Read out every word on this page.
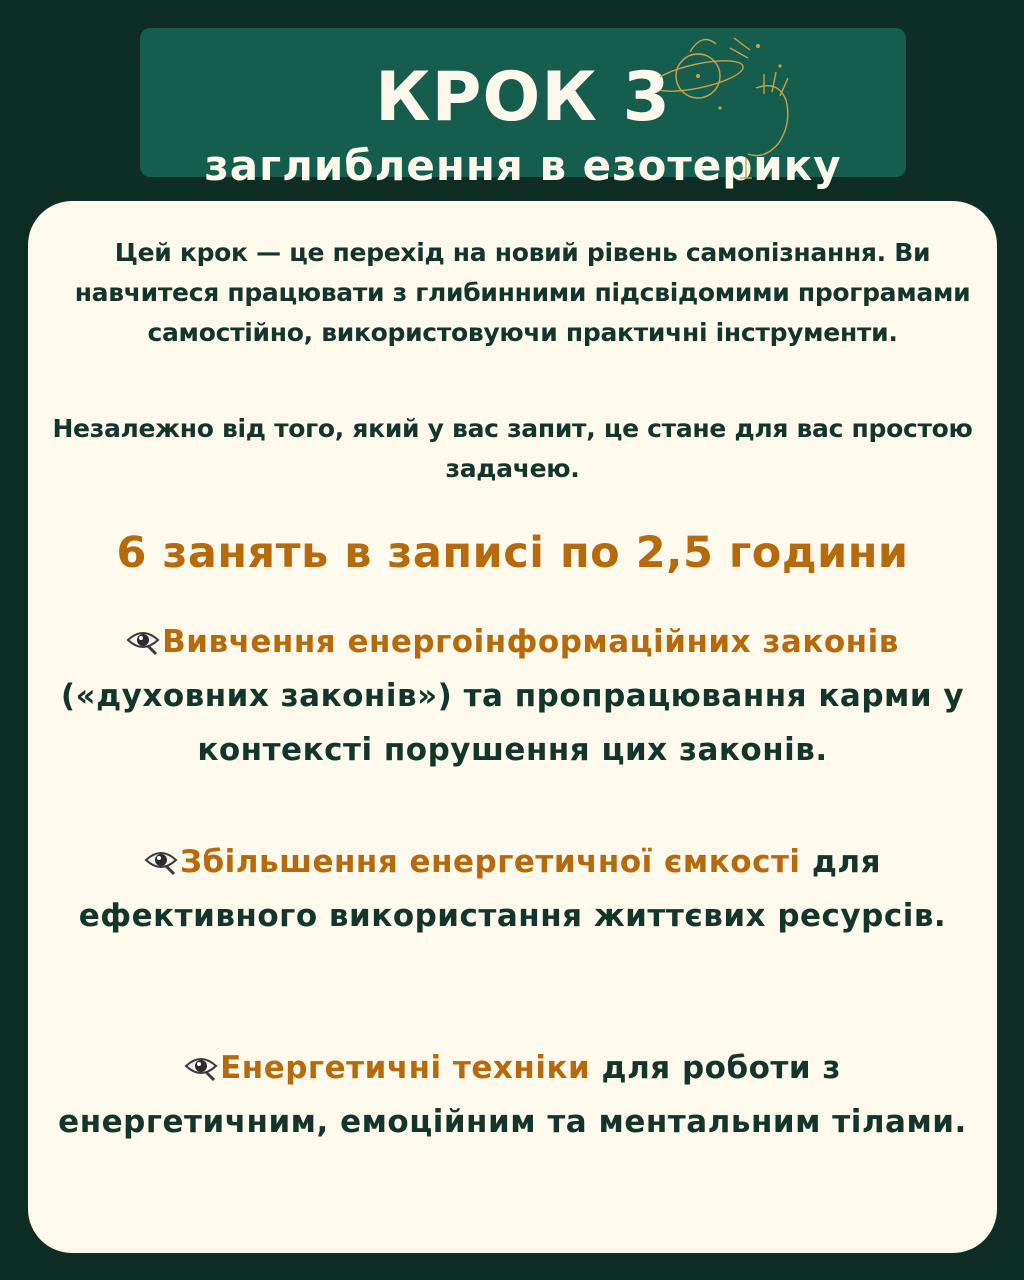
КРОК 3
заглиблення в езотерику
Цей крок — це перехід на новий рівень самопізнання. Ви навчитеся працювати з глибинними підсвідомими програмами самостійно, використовуючи практичні інструменти.
Незалежно від того, який у вас запит, це стане для вас простою задачею.
6 занять в записі по 2,5 години
Вивчення енергоінформаційних законів («духовних законів») та пропрацювання карми у контексті порушення цих законів.
Збільшення енергетичної ємкості для ефективного використання життєвих ресурсів.
Енергетичні техніки для роботи з енергетичним, емоційним та ментальним тілами.
